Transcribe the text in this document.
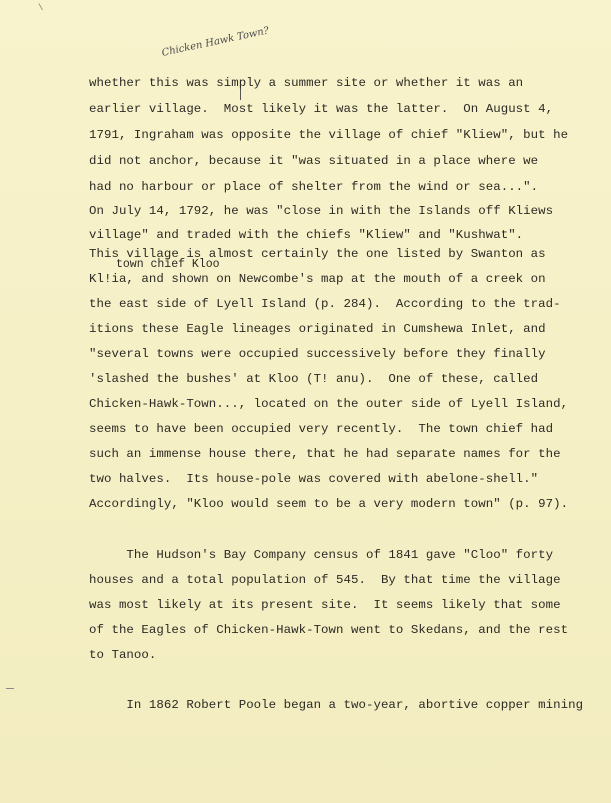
\
Chicken Hawk Town?
whether this was simply a summer site or whether it was an
earlier village.  Most likely it was the latter.  On August 4,
1791, Ingraham was opposite the village of chief "Kliew", but he
did not anchor, because it "was situated in a place where we
had no harbour or place of shelter from the wind or sea...".
On July 14, 1792, he was "close in with the Islands off Kliews
village" and traded with the chiefs "Kliew" and "Kushwat".
This village is almost certainly the one listed by Swanton as
town chief Kloo
Kl!ia, and shown on Newcombe's map at the mouth of a creek on
the east side of Lyell Island (p. 284).  According to the trad-
itions these Eagle lineages originated in Cumshewa Inlet, and
"several towns were occupied successively before they finally
'slashed the bushes' at Kloo (T! anu).  One of these, called
Chicken-Hawk-Town..., located on the outer side of Lyell Island,
seems to have been occupied very recently.  The town chief had
such an immense house there, that he had separate names for the
two halves.  Its house-pole was covered with abelone-shell."
Accordingly, "Kloo would seem to be a very modern town" (p. 97).
The Hudson's Bay Company census of 1841 gave "Cloo" forty
houses and a total population of 545.  By that time the village
was most likely at its present site.  It seems likely that some
of the Eagles of Chicken-Hawk-Town went to Skedans, and the rest
to Tanoo.
In 1862 Robert Poole began a two-year, abortive copper mining
